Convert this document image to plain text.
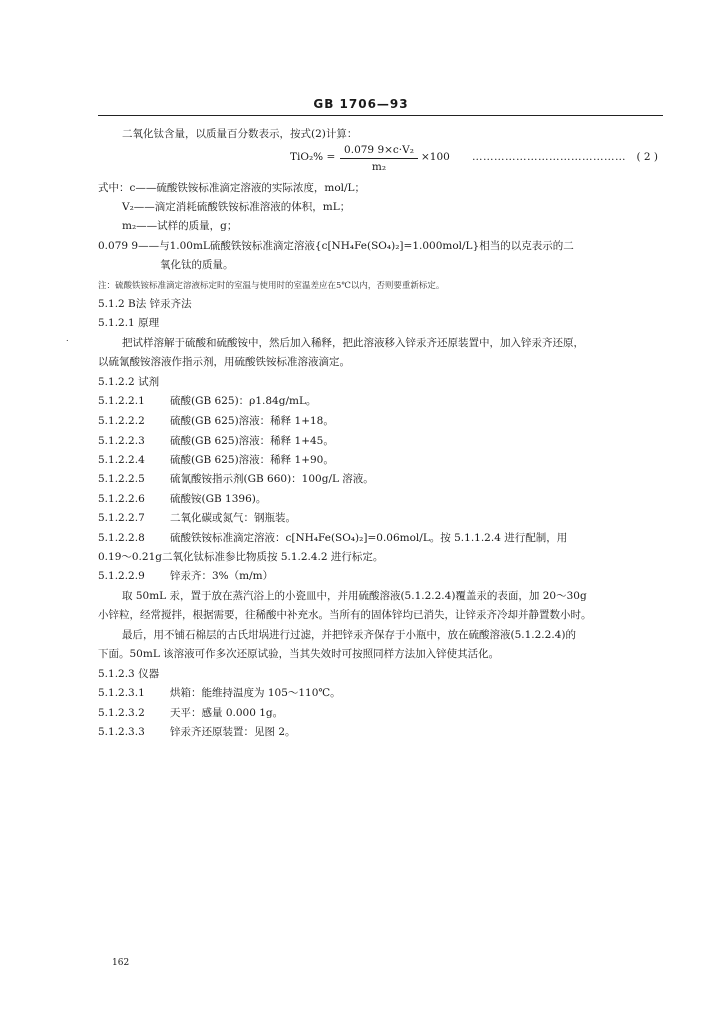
GB 1706—93
二氧化钛含量，以质量百分数表示，按式(2)计算：
TiO₂% =
0.079 9×c·V₂
m₂
×100 …………………………………… ( 2 )
式中：c——硫酸铁铵标准滴定溶液的实际浓度，mol/L；
V₂——滴定消耗硫酸铁铵标准溶液的体积，mL；
m₂——试样的质量，g；
0.079 9——与1.00mL硫酸铁铵标准滴定溶液{c[NH₄Fe(SO₄)₂]=1.000mol/L}相当的以克表示的二
氧化钛的质量。
注：硫酸铁铵标准滴定溶液标定时的室温与使用时的室温差应在5℃以内，否则要重新标定。
5.1.2 B法 锌汞齐法
5.1.2.1 原理
把试样溶解于硫酸和硫酸铵中，然后加入稀释，把此溶液移入锌汞齐还原装置中，加入锌汞齐还原，
以硫氰酸铵溶液作指示剂，用硫酸铁铵标准溶液滴定。
.
5.1.2.2 试剂
5.1.2.2.1 硫酸(GB 625)：ρ1.84g/mL。
5.1.2.2.2 硫酸(GB 625)溶液：稀释 1+18。
5.1.2.2.3 硫酸(GB 625)溶液：稀释 1+45。
5.1.2.2.4 硫酸(GB 625)溶液：稀释 1+90。
5.1.2.2.5 硫氰酸铵指示剂(GB 660)：100g/L 溶液。
5.1.2.2.6 硫酸铵(GB 1396)。
5.1.2.2.7 二氧化碳或氮气：钢瓶装。
5.1.2.2.8 硫酸铁铵标准滴定溶液：c[NH₄Fe(SO₄)₂]=0.06mol/L。按 5.1.1.2.4 进行配制，用
0.19～0.21g二氧化钛标准参比物质按 5.1.2.4.2 进行标定。
5.1.2.2.9 锌汞齐：3%（m/m）
取 50mL 汞，置于放在蒸汽浴上的小瓷皿中，并用硫酸溶液(5.1.2.2.4)覆盖汞的表面，加 20～30g
小锌粒，经常搅拌，根据需要，往稀酸中补充水。当所有的固体锌均已消失，让锌汞齐冷却并静置数小时。
最后，用不铺石棉层的古氏坩埚进行过滤，并把锌汞齐保存于小瓶中，放在硫酸溶液(5.1.2.2.4)的
下面。50mL 该溶液可作多次还原试验，当其失效时可按照同样方法加入锌使其活化。
5.1.2.3 仪器
5.1.2.3.1 烘箱：能维持温度为 105～110℃。
5.1.2.3.2 天平：感量 0.000 1g。
5.1.2.3.3 锌汞齐还原装置：见图 2。
162
